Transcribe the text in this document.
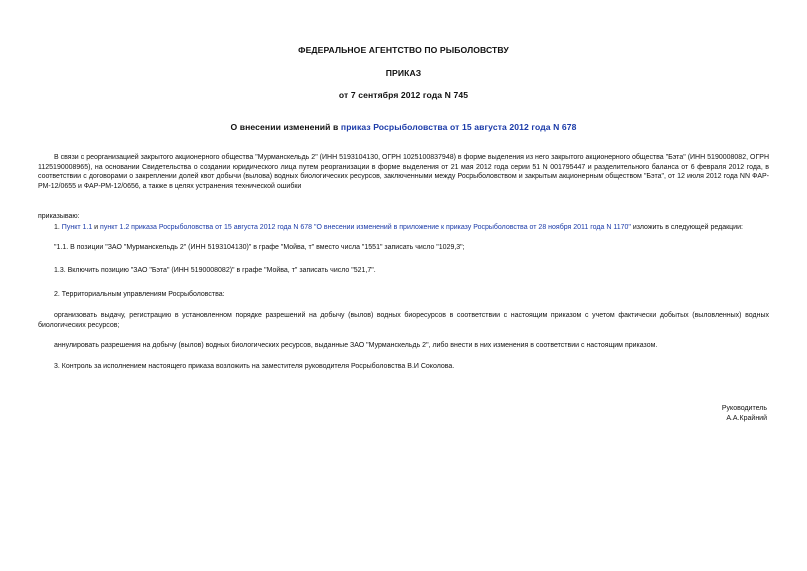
ФЕДЕРАЛЬНОЕ АГЕНТСТВО ПО РЫБОЛОВСТВУ
ПРИКАЗ
от 7 сентября 2012 года N 745
О внесении изменений в приказ Росрыболовства от 15 августа 2012 года N 678
В связи с реорганизацией закрытого акционерного общества "Мурманскельдь 2" (ИНН 5193104130, ОГРН 1025100837948) в форме выделения из него закрытого акционерного общества "Бэта" (ИНН 5190008082, ОГРН 1125190008965), на основании Свидетельства о создании юридического лица путем реорганизации в форме выделения от 21 мая 2012 года серии 51 N 001795447 и разделительного баланса от 6 февраля 2012 года, в соответствии с договорами о закреплении долей квот добычи (вылова) водных биологических ресурсов, заключенными между Росрыболовством и закрытым акционерным обществом "Бэта", от 12 июля 2012 года NN ФАР-РМ-12/0655 и ФАР-РМ-12/0656, а также в целях устранения технической ошибки
приказываю:
1. Пункт 1.1 и пункт 1.2 приказа Росрыболовства от 15 августа 2012 года N 678 "О внесении изменений в приложение к приказу Росрыболовства от 28 ноября 2011 года N 1170" изложить в следующей редакции:
"1.1. В позиции "ЗАО "Мурманскельдь 2" (ИНН 5193104130)" в графе "Мойва, т" вместо числа "1551" записать число "1029,3";
1.3. Включить позицию "ЗАО "Бэта" (ИНН 5190008082)" в графе "Мойва, т" записать число "521,7".
2. Территориальным управлениям Росрыболовства:
организовать выдачу, регистрацию в установленном порядке разрешений на добычу (вылов) водных биоресурсов в соответствии с настоящим приказом с учетом фактически добытых (выловленных) водных биологических ресурсов;
аннулировать разрешения на добычу (вылов) водных биологических ресурсов, выданные ЗАО "Мурманскельдь 2", либо внести в них изменения в соответствии с настоящим приказом.
3. Контроль за исполнением настоящего приказа возложить на заместителя руководителя Росрыболовства В.И Соколова.
Руководитель
А.А.Крайний
